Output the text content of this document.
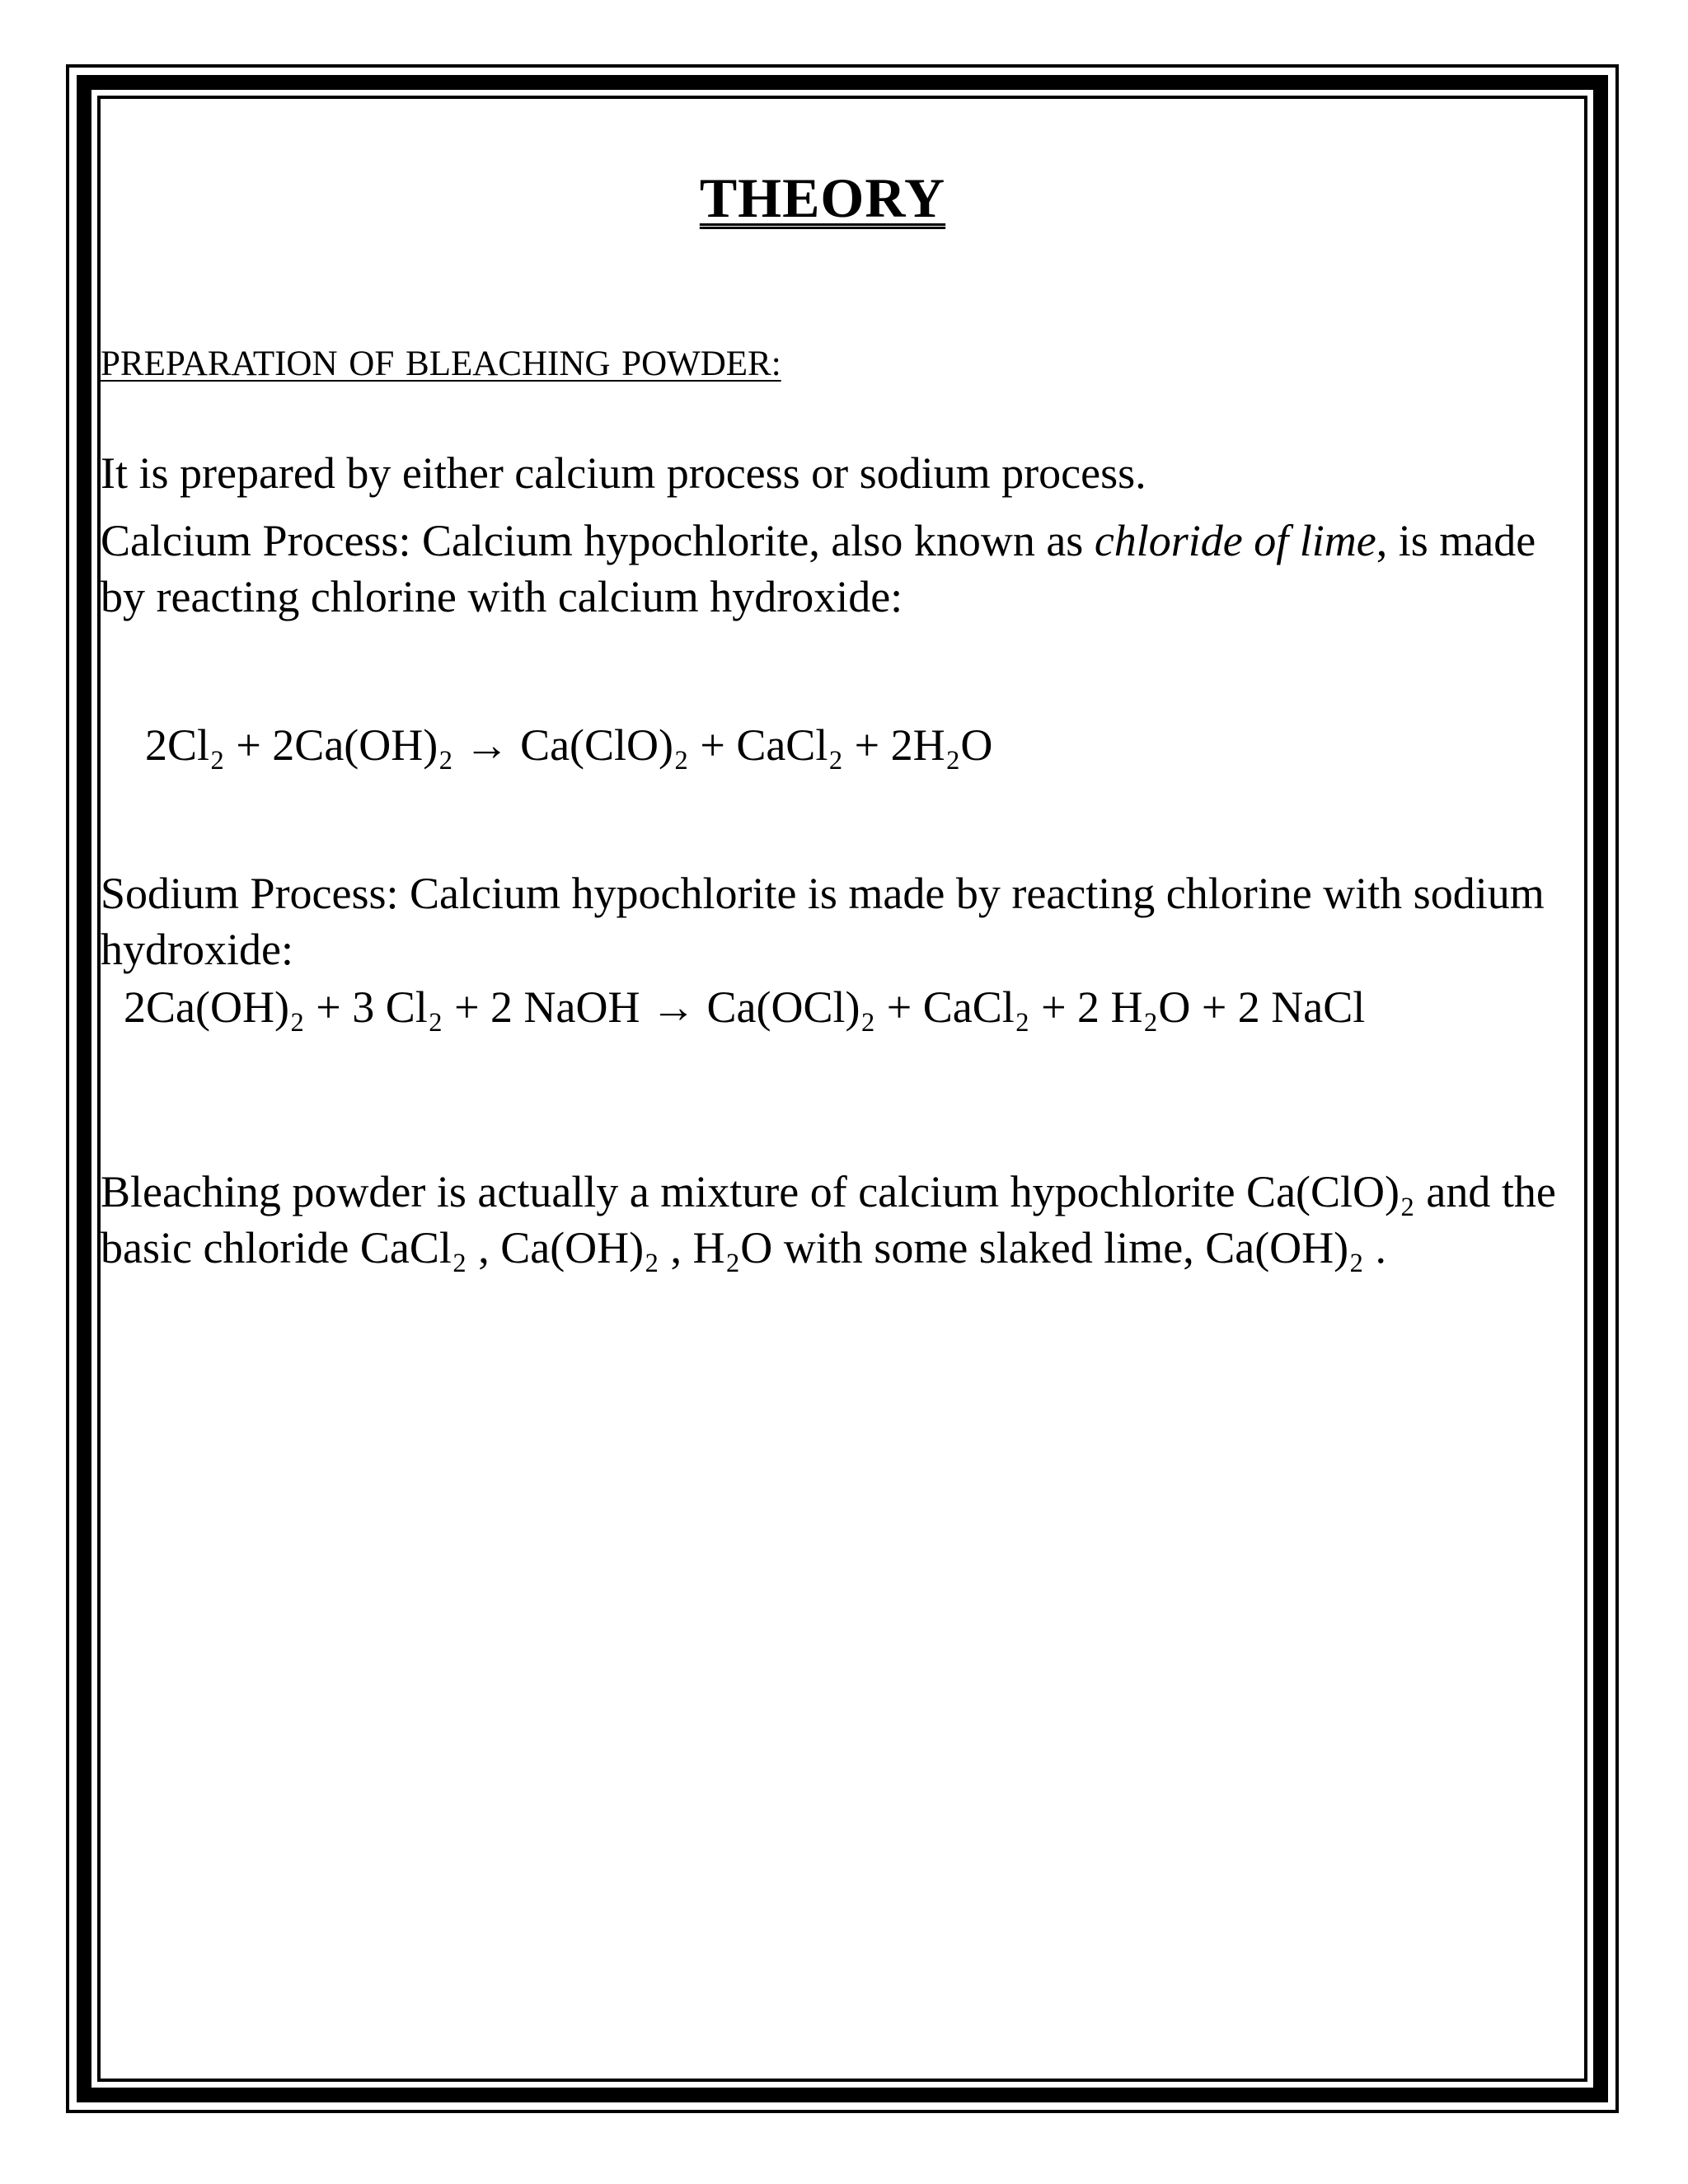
THEORY
PREPARATION OF BLEACHING POWDER:

It is prepared by either calcium process or sodium process.

Calcium Process: Calcium hypochlorite, also known as chloride of lime, is made by reacting chlorine with calcium hydroxide:

2Cl₂ + 2Ca(OH)₂ → Ca(ClO)₂ + CaCl₂ + 2H₂O

Sodium Process: Calcium hypochlorite is made by reacting chlorine with sodium hydroxide:

2Ca(OH)₂ + 3 Cl₂ + 2 NaOH → Ca(OCl)₂ + CaCl₂ + 2 H₂O + 2 NaCl

Bleaching powder is actually a mixture of calcium hypochlorite Ca(ClO)₂ and the basic chloride CaCl₂ , Ca(OH)₂ , H₂O with some slaked lime, Ca(OH)₂ .
